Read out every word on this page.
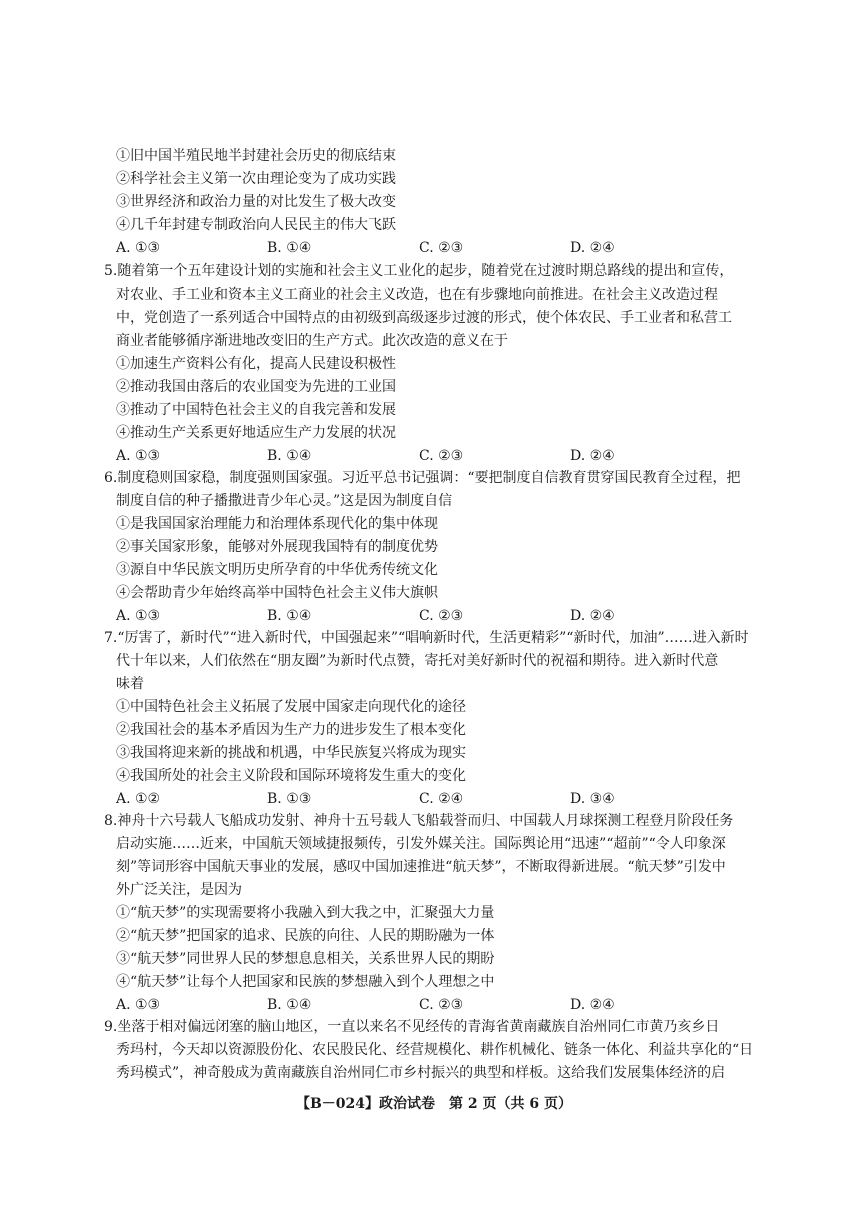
①旧中国半殖民地半封建社会历史的彻底结束
②科学社会主义第一次由理论变为了成功实践
③世界经济和政治力量的对比发生了极大改变
④几千年封建专制政治向人民民主的伟大飞跃
A. ①③	B. ①④	C. ②③	D. ②④
5.随着第一个五年建设计划的实施和社会主义工业化的起步，随着党在过渡时期总路线的提出和宣传，
对农业、手工业和资本主义工商业的社会主义改造，也在有步骤地向前推进。在社会主义改造过程
中，党创造了一系列适合中国特点的由初级到高级逐步过渡的形式，使个体农民、手工业者和私营工
商业者能够循序渐进地改变旧的生产方式。此次改造的意义在于
①加速生产资料公有化，提高人民建设积极性
②推动我国由落后的农业国变为先进的工业国
③推动了中国特色社会主义的自我完善和发展
④推动生产关系更好地适应生产力发展的状况
A. ①③	B. ①④	C. ②③	D. ②④
6.制度稳则国家稳，制度强则国家强。习近平总书记强调：“要把制度自信教育贯穿国民教育全过程，把
制度自信的种子播撒进青少年心灵。”这是因为制度自信
①是我国国家治理能力和治理体系现代化的集中体现
②事关国家形象，能够对外展现我国特有的制度优势
③源自中华民族文明历史所孕育的中华优秀传统文化
④会帮助青少年始终高举中国特色社会主义伟大旗帜
A. ①③	B. ①④	C. ②③	D. ②④
7.“厉害了，新时代”“进入新时代，中国强起来”“唱响新时代，生活更精彩”“新时代，加油”……进入新时
代十年以来，人们依然在“朋友圈”为新时代点赞，寄托对美好新时代的祝福和期待。进入新时代意
味着
①中国特色社会主义拓展了发展中国家走向现代化的途径
②我国社会的基本矛盾因为生产力的进步发生了根本变化
③我国将迎来新的挑战和机遇，中华民族复兴将成为现实
④我国所处的社会主义阶段和国际环境将发生重大的变化
A. ①②	B. ①③	C. ②④	D. ③④
8.神舟十六号载人飞船成功发射、神舟十五号载人飞船载誉而归、中国载人月球探测工程登月阶段任务
启动实施……近来，中国航天领域捷报频传，引发外媒关注。国际舆论用“迅速”“超前”“令人印象深
刻”等词形容中国航天事业的发展，感叹中国加速推进“航天梦”，不断取得新进展。“航天梦”引发中
外广泛关注，是因为
①“航天梦”的实现需要将小我融入到大我之中，汇聚强大力量
②“航天梦”把国家的追求、民族的向往、人民的期盼融为一体
③“航天梦”同世界人民的梦想息息相关，关系世界人民的期盼
④“航天梦”让每个人把国家和民族的梦想融入到个人理想之中
A. ①③	B. ①④	C. ②③	D. ②④
9.坐落于相对偏远闭塞的脑山地区，一直以来名不见经传的青海省黄南藏族自治州同仁市黄乃亥乡日
秀玛村，今天却以资源股份化、农民股民化、经营规模化、耕作机械化、链条一体化、利益共享化的“日
秀玛模式”，神奇般成为黄南藏族自治州同仁市乡村振兴的典型和样板。这给我们发展集体经济的启
【B－024】政治试卷　第 2 页（共 6 页）
